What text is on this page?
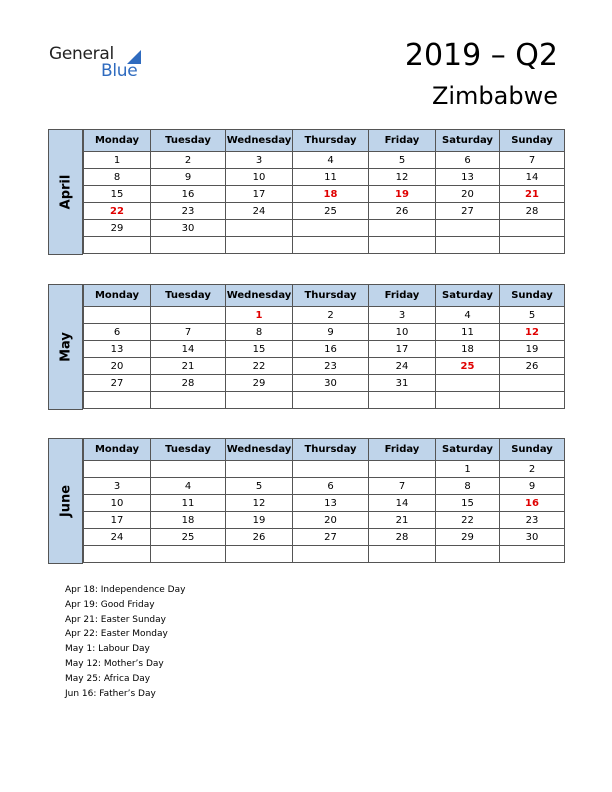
General
Blue	2019 – Q2
Zimbabwe
April
Monday	Tuesday	Wednesday	Thursday	Friday	Saturday	Sunday
1	2	3	4	5	6	7
8	9	10	11	12	13	14
15	16	17	18	19	20	21
22	23	24	25	26	27	28
29	30					

May
Monday	Tuesday	Wednesday	Thursday	Friday	Saturday	Sunday
		1	2	3	4	5
6	7	8	9	10	11	12
13	14	15	16	17	18	19
20	21	22	23	24	25	26
27	28	29	30	31		

June
Monday	Tuesday	Wednesday	Thursday	Friday	Saturday	Sunday
					1	2
3	4	5	6	7	8	9
10	11	12	13	14	15	16
17	18	19	20	21	22	23
24	25	26	27	28	29	30

Apr 18: Independence Day
Apr 19: Good Friday
Apr 21: Easter Sunday
Apr 22: Easter Monday
May 1: Labour Day
May 12: Mother’s Day
May 25: Africa Day
Jun 16: Father’s Day
